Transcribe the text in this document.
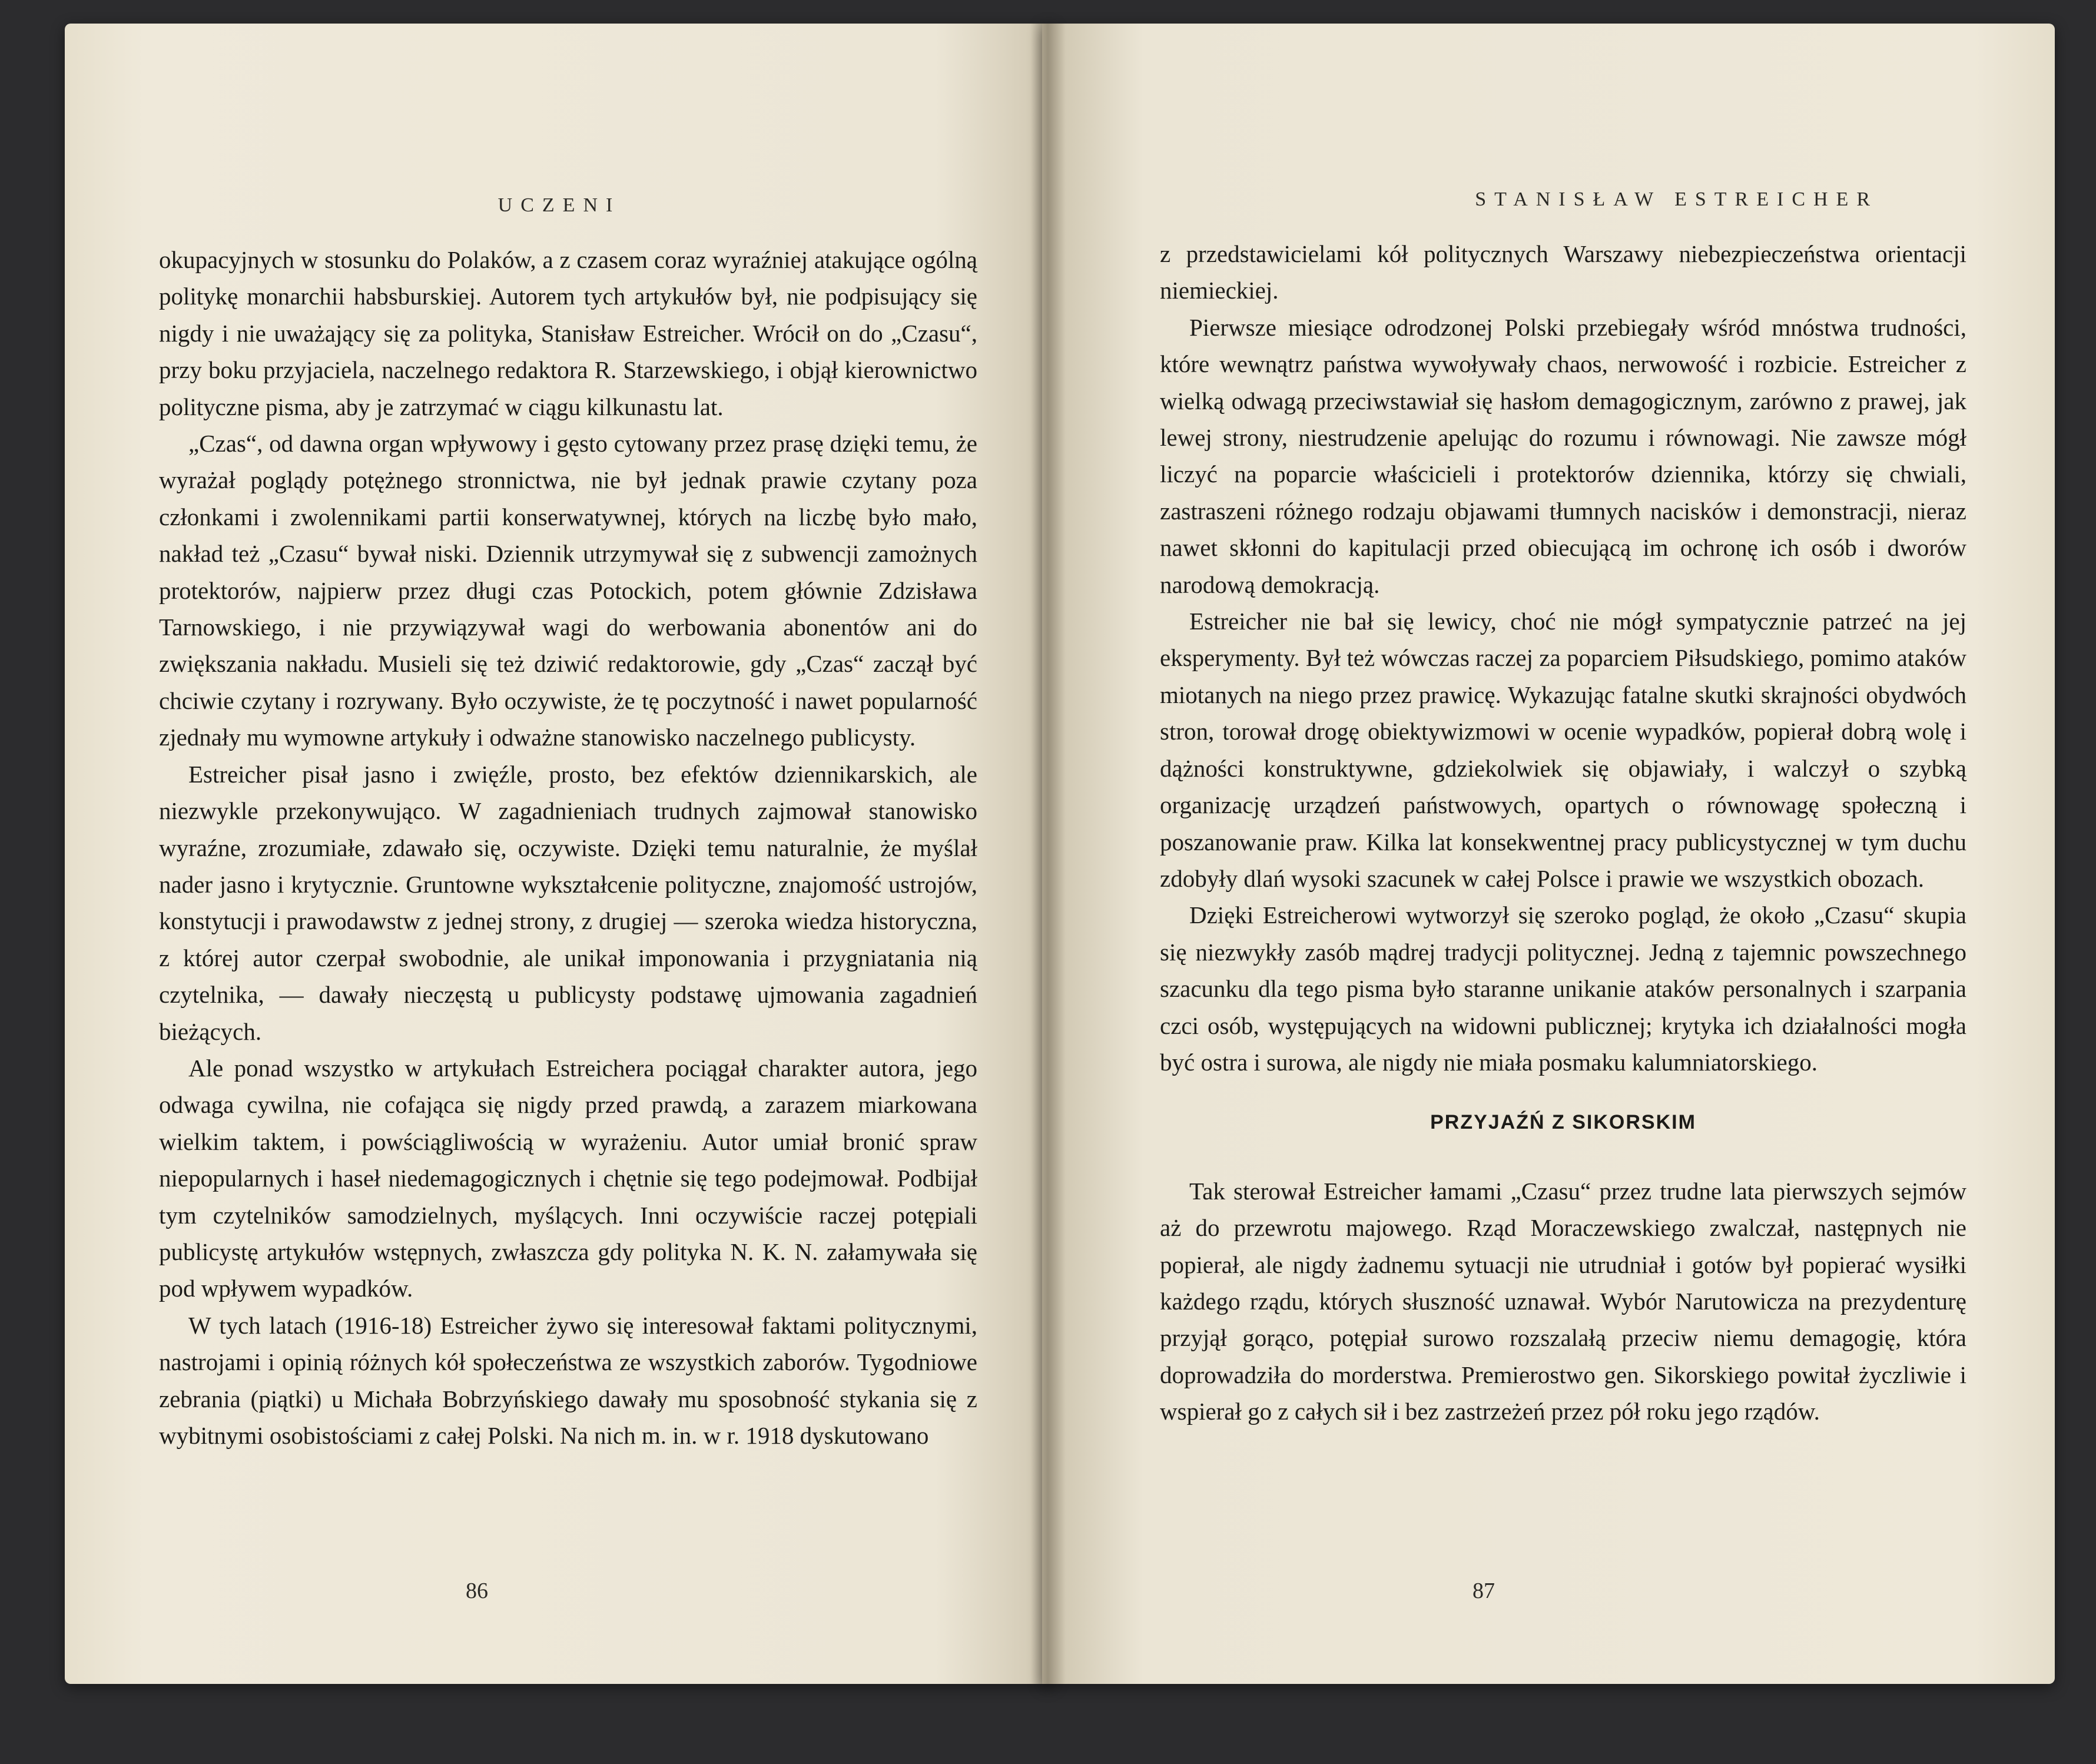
UCZENI

okupacyjnych w stosunku do Polaków, a z czasem coraz wyraźniej atakujące ogólną politykę monarchii habsburskiej. Autorem tych artykułów był, nie podpisujący się nigdy i nie uważający się za polityka, Stanisław Estreicher. Wrócił on do „Czasu“, przy boku przyjaciela, naczelnego redaktora R. Starzewskiego, i objął kierownictwo polityczne pisma, aby je zatrzymać w ciągu kilkunastu lat.

„Czas“, od dawna organ wpływowy i gęsto cytowany przez prasę dzięki temu, że wyrażał poglądy potężnego stronnictwa, nie był jednak prawie czytany poza członkami i zwolennikami partii konserwatywnej, których na liczbę było mało, nakład też „Czasu“ bywał niski. Dziennik utrzymywał się z subwencji zamożnych protektorów, najpierw przez długi czas Potockich, potem głównie Zdzisława Tarnowskiego, i nie przywiązywał wagi do werbowania abonentów ani do zwiększania nakładu. Musieli się też dziwić redaktorowie, gdy „Czas“ zaczął być chciwie czytany i rozrywany. Było oczywiste, że tę poczytność i nawet popularność zjednały mu wymowne artykuły i odważne stanowisko naczelnego publicysty.

Estreicher pisał jasno i zwięźle, prosto, bez efektów dziennikarskich, ale niezwykle przekonywująco. W zagadnieniach trudnych zajmował stanowisko wyraźne, zrozumiałe, zdawało się, oczywiste. Dzięki temu naturalnie, że myślał nader jasno i krytycznie. Gruntowne wykształcenie polityczne, znajomość ustrojów, konstytucji i prawodawstw z jednej strony, z drugiej — szeroka wiedza historyczna, z której autor czerpał swobodnie, ale unikał imponowania i przygniatania nią czytelnika, — dawały nieczęstą u publicysty podstawę ujmowania zagadnień bieżących.

Ale ponad wszystko w artykułach Estreichera pociągał charakter autora, jego odwaga cywilna, nie cofająca się nigdy przed prawdą, a zarazem miarkowana wielkim taktem, i powściągliwością w wyrażeniu. Autor umiał bronić spraw niepopularnych i haseł niedemagogicznych i chętnie się tego podejmował. Podbijał tym czytelników samodzielnych, myślących. Inni oczywiście raczej potępiali publicystę artykułów wstępnych, zwłaszcza gdy polityka N. K. N. załamywała się pod wpływem wypadków.

W tych latach (1916-18) Estreicher żywo się interesował faktami politycznymi, nastrojami i opinią różnych kół społeczeństwa ze wszystkich zaborów. Tygodniowe zebrania (piątki) u Michała Bobrzyńskiego dawały mu sposobność stykania się z wybitnymi osobistościami z całej Polski. Na nich m. in. w r. 1918 dyskutowano

86
STANISŁAW ESTREICHER

z przedstawicielami kół politycznych Warszawy niebezpieczeństwa orientacji niemieckiej.

Pierwsze miesiące odrodzonej Polski przebiegały wśród mnóstwa trudności, które wewnątrz państwa wywoływały chaos, nerwowość i rozbicie. Estreicher z wielką odwagą przeciwstawiał się hasłom demagogicznym, zarówno z prawej, jak lewej strony, niestrudzenie apelując do rozumu i równowagi. Nie zawsze mógł liczyć na poparcie właścicieli i protektorów dziennika, którzy się chwiali, zastraszeni różnego rodzaju objawami tłumnych nacisków i demonstracji, nieraz nawet skłonni do kapitulacji przed obiecującą im ochronę ich osób i dworów narodową demokracją.

Estreicher nie bał się lewicy, choć nie mógł sympatycznie patrzeć na jej eksperymenty. Był też wówczas raczej za poparciem Piłsudskiego, pomimo ataków miotanych na niego przez prawicę. Wykazując fatalne skutki skrajności obydwóch stron, torował drogę obiektywizmowi w ocenie wypadków, popierał dobrą wolę i dążności konstruktywne, gdziekolwiek się objawiały, i walczył o szybką organizację urządzeń państwowych, opartych o równowagę społeczną i poszanowanie praw. Kilka lat konsekwentnej pracy publicystycznej w tym duchu zdobyły dlań wysoki szacunek w całej Polsce i prawie we wszystkich obozach.

Dzięki Estreicherowi wytworzył się szeroko pogląd, że około „Czasu“ skupia się niezwykły zasób mądrej tradycji politycznej. Jedną z tajemnic powszechnego szacunku dla tego pisma było staranne unikanie ataków personalnych i szarpania czci osób, występujących na widowni publicznej; krytyka ich działalności mogła być ostra i surowa, ale nigdy nie miała posmaku kalumniatorskiego.

PRZYJAŹŃ Z SIKORSKIM

Tak sterował Estreicher łamami „Czasu“ przez trudne lata pierwszych sejmów aż do przewrotu majowego. Rząd Moraczewskiego zwalczał, następnych nie popierał, ale nigdy żadnemu sytuacji nie utrudniał i gotów był popierać wysiłki każdego rządu, których słuszność uznawał. Wybór Narutowicza na prezydenturę przyjął gorąco, potępiał surowo rozszalałą przeciw niemu demagogię, która doprowadziła do morderstwa. Premierostwo gen. Sikorskiego powitał życzliwie i wspierał go z całych sił i bez zastrzeżeń przez pół roku jego rządów.

87
